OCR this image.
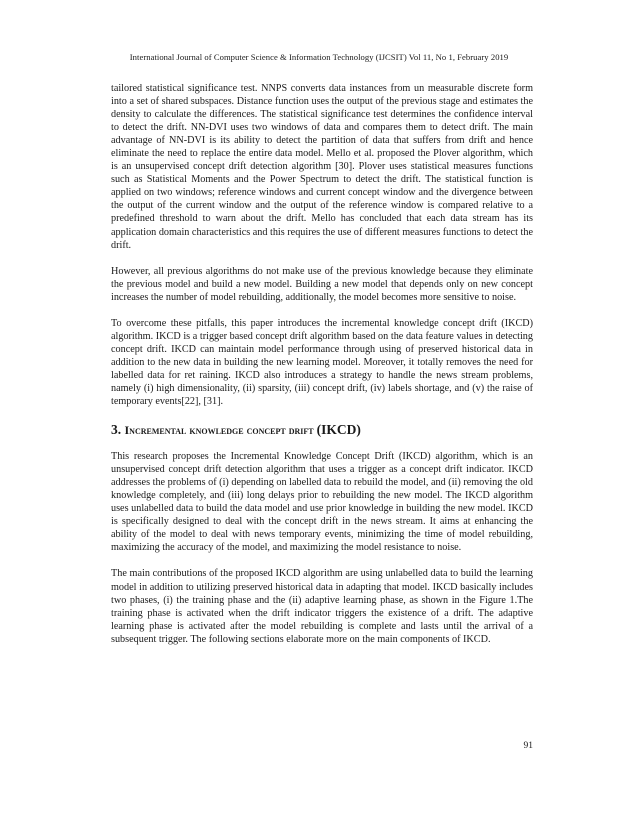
International Journal of Computer Science & Information Technology (IJCSIT) Vol 11, No 1, February 2019

tailored statistical significance test. NNPS converts data instances from un measurable discrete form into a set of shared subspaces. Distance function uses the output of the previous stage and estimates the density to calculate the differences. The statistical significance test determines the confidence interval to detect the drift. NN-DVI uses two windows of data and compares them to detect drift. The main advantage of NN-DVI is its ability to detect the partition of data that suffers from drift and hence eliminate the need to replace the entire data model. Mello et al. proposed the Plover algorithm, which is an unsupervised concept drift detection algorithm [30]. Plover uses statistical measures functions such as Statistical Moments and the Power Spectrum to detect the drift. The statistical function is applied on two windows; reference windows and current concept window and the divergence between the output of the current window and the output of the reference window is compared relative to a predefined threshold to warn about the drift. Mello has concluded that each data stream has its application domain characteristics and this requires the use of different measures functions to detect the drift.

However, all previous algorithms do not make use of the previous knowledge because they eliminate the previous model and build a new model. Building a new model that depends only on new concept increases the number of model rebuilding, additionally, the model becomes more sensitive to noise.

To overcome these pitfalls, this paper introduces the incremental knowledge concept drift (IKCD) algorithm. IKCD is a trigger based concept drift algorithm based on the data feature values in detecting concept drift. IKCD can maintain model performance through using of preserved historical data in addition to the new data in building the new learning model. Moreover, it totally removes the need for labelled data for ret raining. IKCD also introduces a strategy to handle the news stream problems, namely (i) high dimensionality, (ii) sparsity, (iii) concept drift, (iv) labels shortage, and (v) the raise of temporary events[22], [31].

3. Incremental knowledge concept drift (IKCD)

This research proposes the Incremental Knowledge Concept Drift (IKCD) algorithm, which is an unsupervised concept drift detection algorithm that uses a trigger as a concept drift indicator. IKCD addresses the problems of (i) depending on labelled data to rebuild the model, and (ii) removing the old knowledge completely, and (iii) long delays prior to rebuilding the new model. The IKCD algorithm uses unlabelled data to build the data model and use prior knowledge in building the new model. IKCD is specifically designed to deal with the concept drift in the news stream. It aims at enhancing the ability of the model to deal with news temporary events, minimizing the time of model rebuilding, maximizing the accuracy of the model, and maximizing the model resistance to noise.

The main contributions of the proposed IKCD algorithm are using unlabelled data to build the learning model in addition to utilizing preserved historical data in adapting that model. IKCD basically includes two phases, (i) the training phase and the (ii) adaptive learning phase, as shown in the Figure 1.The training phase is activated when the drift indicator triggers the existence of a drift. The adaptive learning phase is activated after the model rebuilding is complete and lasts until the arrival of a subsequent trigger. The following sections elaborate more on the main components of IKCD.

91
